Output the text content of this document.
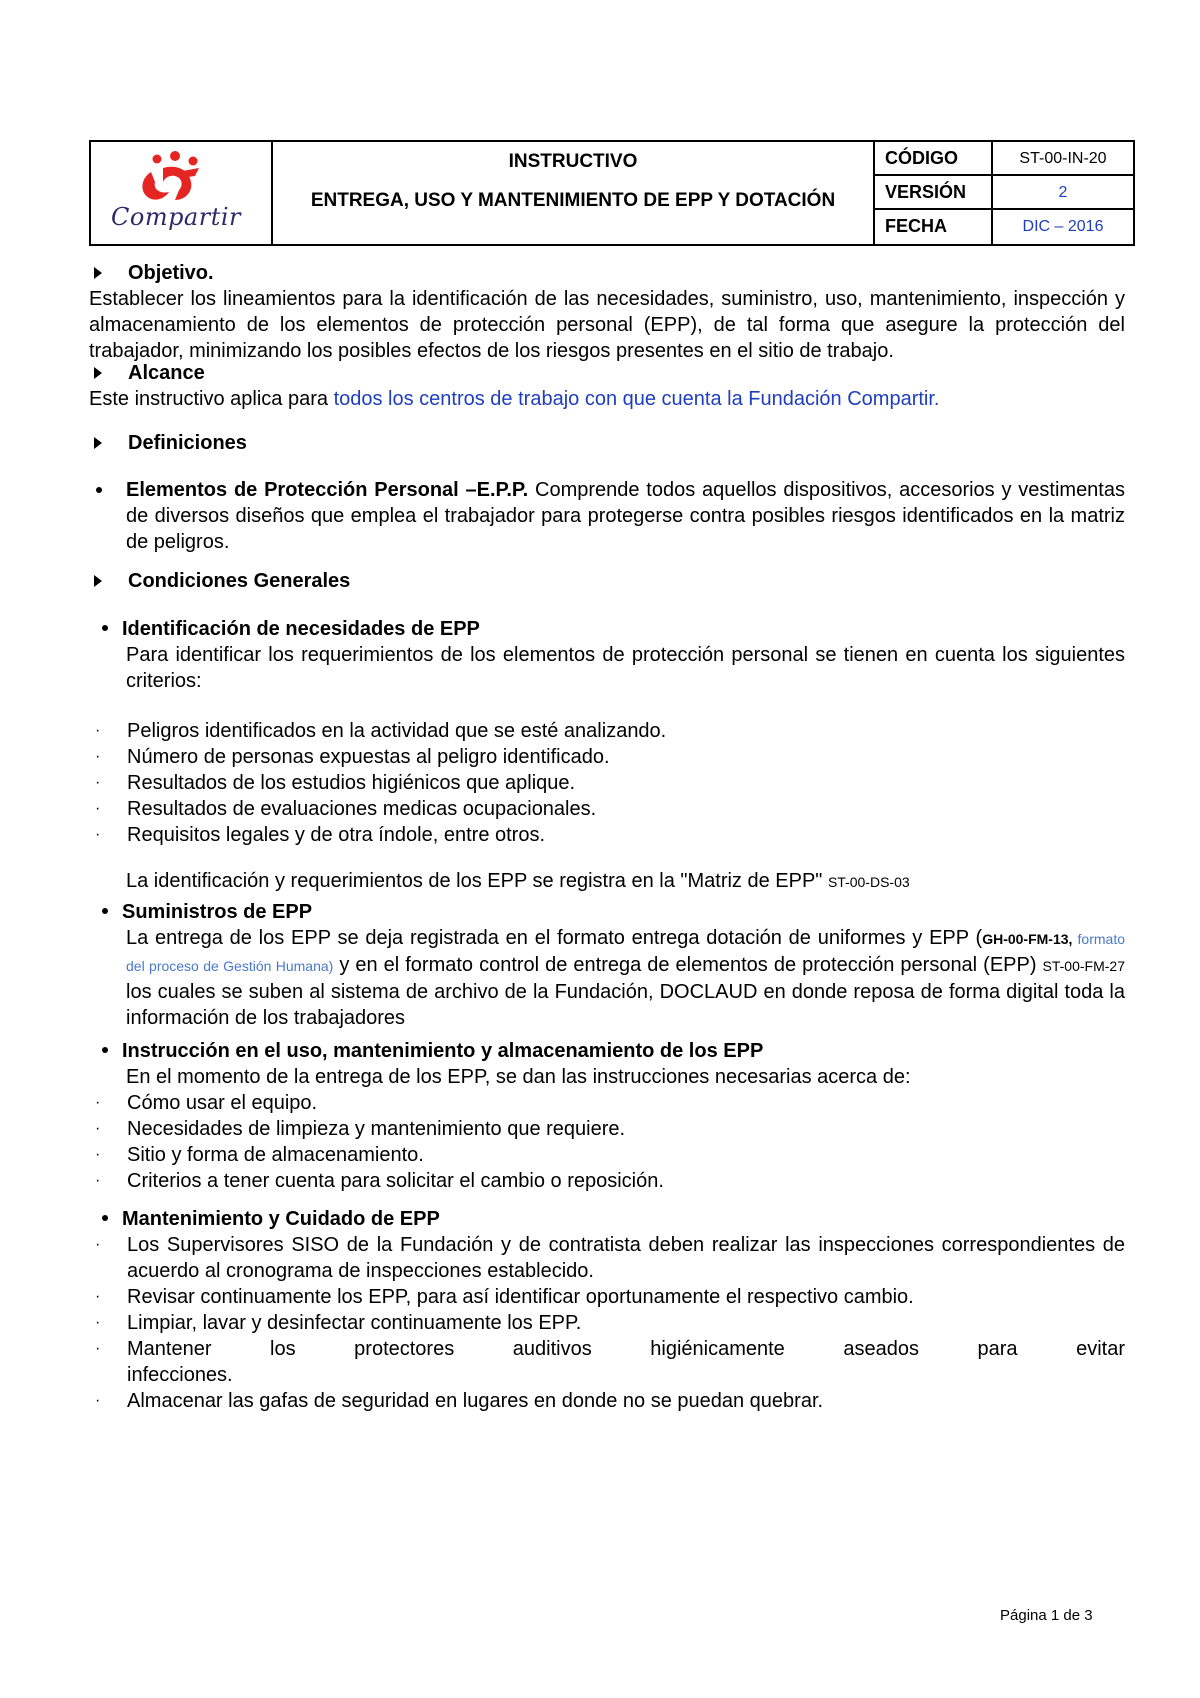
Compartir
INSTRUCTIVO
ENTREGA, USO Y MANTENIMIENTO DE EPP Y DOTACIÓN
CÓDIGO	ST-00-IN-20
VERSIÓN	2
FECHA	DIC – 2016
Objetivo.
Establecer los lineamientos para la identificación de las necesidades, suministro, uso, mantenimiento, inspección y almacenamiento de los elementos de protección personal (EPP), de tal forma que asegure la protección del trabajador, minimizando los posibles efectos de los riesgos presentes en el sitio de trabajo.
Alcance
Este instructivo aplica para todos los centros de trabajo con que cuenta la Fundación Compartir.
Definiciones
Elementos de Protección Personal –E.P.P. Comprende todos aquellos dispositivos, accesorios y vestimentas de diversos diseños que emplea el trabajador para protegerse contra posibles riesgos identificados en la matriz de peligros.
Condiciones Generales
Identificación de necesidades de EPP
Para identificar los requerimientos de los elementos de protección personal se tienen en cuenta los siguientes criterios:
· Peligros identificados en la actividad que se esté analizando.
· Número de personas expuestas al peligro identificado.
· Resultados de los estudios higiénicos que aplique.
· Resultados de evaluaciones medicas ocupacionales.
· Requisitos legales y de otra índole, entre otros.
La identificación y requerimientos de los EPP se registra en la "Matriz de EPP" ST-00-DS-03
Suministros de EPP
La entrega de los EPP se deja registrada en el formato entrega dotación de uniformes y EPP (GH-00-FM-13, formato del proceso de Gestión Humana) y en el formato control de entrega de elementos de protección personal (EPP) ST-00-FM-27 los cuales se suben al sistema de archivo de la Fundación, DOCLAUD en donde reposa de forma digital toda la información de los trabajadores
Instrucción en el uso, mantenimiento y almacenamiento de los EPP
En el momento de la entrega de los EPP, se dan las instrucciones necesarias acerca de:
· Cómo usar el equipo.
· Necesidades de limpieza y mantenimiento que requiere.
· Sitio y forma de almacenamiento.
· Criterios a tener cuenta para solicitar el cambio o reposición.
Mantenimiento y Cuidado de EPP
· Los Supervisores SISO de la Fundación y de contratista deben realizar las inspecciones correspondientes de acuerdo al cronograma de inspecciones establecido.
· Revisar continuamente los EPP, para así identificar oportunamente el respectivo cambio.
· Limpiar, lavar y desinfectar continuamente los EPP.
· Mantener los protectores auditivos higiénicamente aseados para evitar infecciones.
· Almacenar las gafas de seguridad en lugares en donde no se puedan quebrar.
Página 1 de 3
